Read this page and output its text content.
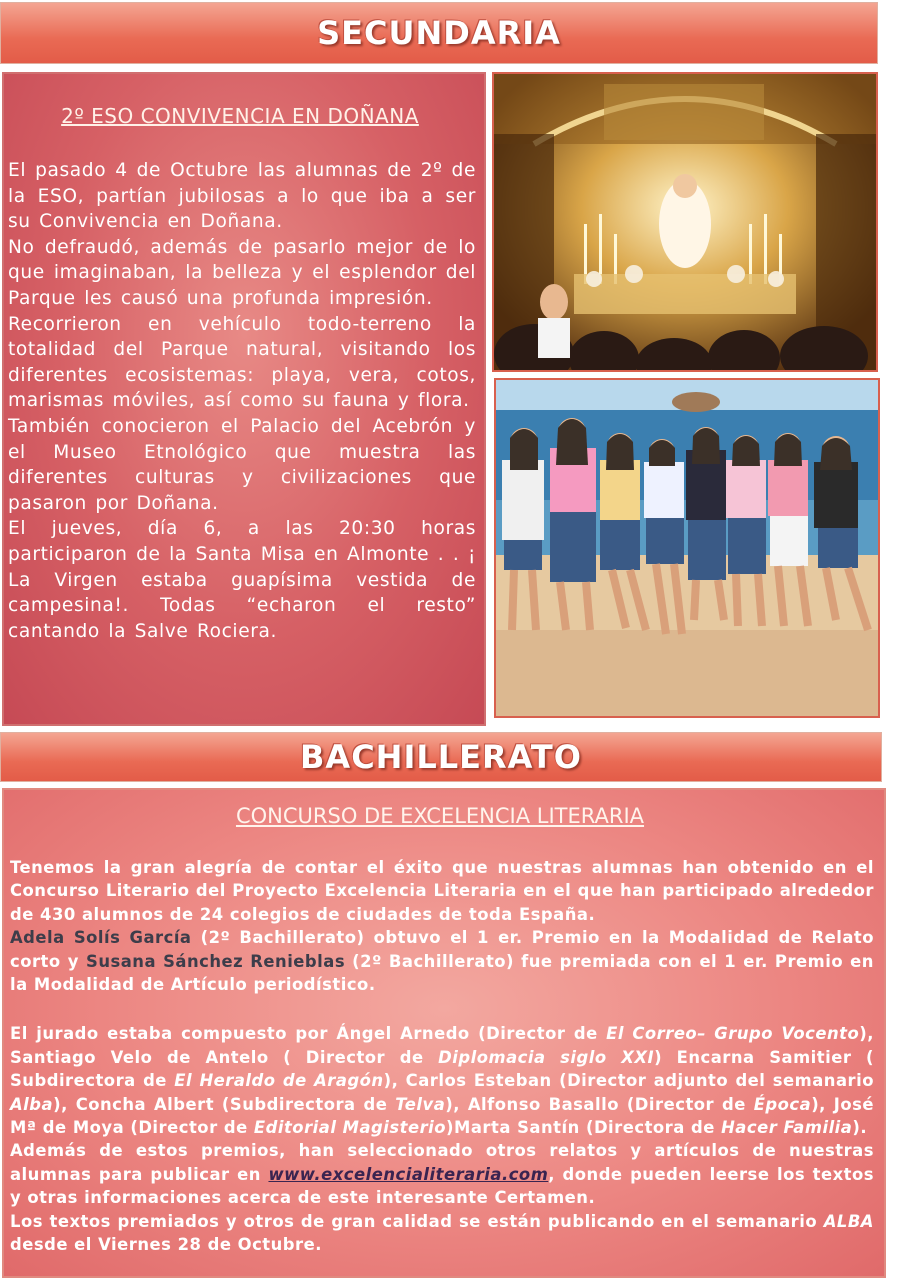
SECUNDARIA
2º ESO CONVIVENCIA EN DOÑANA

El pasado 4 de Octubre las alumnas de 2º de la ESO, partían jubilosas a lo que iba a ser su Convivencia en Doñana.

No defraudó, además de pasarlo mejor de lo que imaginaban, la belleza y el esplendor del Parque les causó una profunda impresión.

Recorrieron en vehículo todo-terreno la totalidad del Parque natural, visitando los diferentes ecosistemas: playa, vera, cotos, marismas móviles, así como su fauna y flora.

También conocieron el Palacio del Acebrón y el Museo Etnológico que muestra las diferentes culturas y civilizaciones que pasaron por Doñana.

El jueves, día 6, a las 20:30 horas participaron de la Santa Misa en Almonte . . ¡ La Virgen estaba guapísima vestida de campesina!. Todas “echaron el resto” cantando la Salve Rociera.

BACHILLERATO
CONCURSO DE EXCELENCIA LITERARIA

Tenemos la gran alegría de contar el éxito que nuestras alumnas han obtenido en el Concurso Literario del Proyecto Excelencia Literaria en el que han participado alrededor de 430 alumnos de 24 colegios de ciudades de toda España.

Adela Solís García (2º Bachillerato) obtuvo el 1 er. Premio en la Modalidad de Relato corto y Susana Sánchez Renieblas (2º Bachillerato) fue premiada con el 1 er. Premio en la Modalidad de Artículo periodístico.

El jurado estaba compuesto por Ángel Arnedo (Director de El Correo– Grupo Vocento), Santiago Velo de Antelo ( Director de Diplomacia siglo XXI) Encarna Samitier ( Subdirectora de El Heraldo de Aragón), Carlos Esteban (Director adjunto del semanario Alba), Concha Albert (Subdirectora de Telva), Alfonso Basallo (Director de Época), José Mª de Moya (Director de Editorial Magisterio)Marta Santín (Directora de Hacer Familia).

Además de estos premios, han seleccionado otros relatos y artículos de nuestras alumnas para publicar en www.excelencialiteraria.com, donde pueden leerse los textos y otras informaciones acerca de este interesante Certamen.

Los textos premiados y otros de gran calidad se están publicando en el semanario ALBA desde el Viernes 28 de Octubre.
